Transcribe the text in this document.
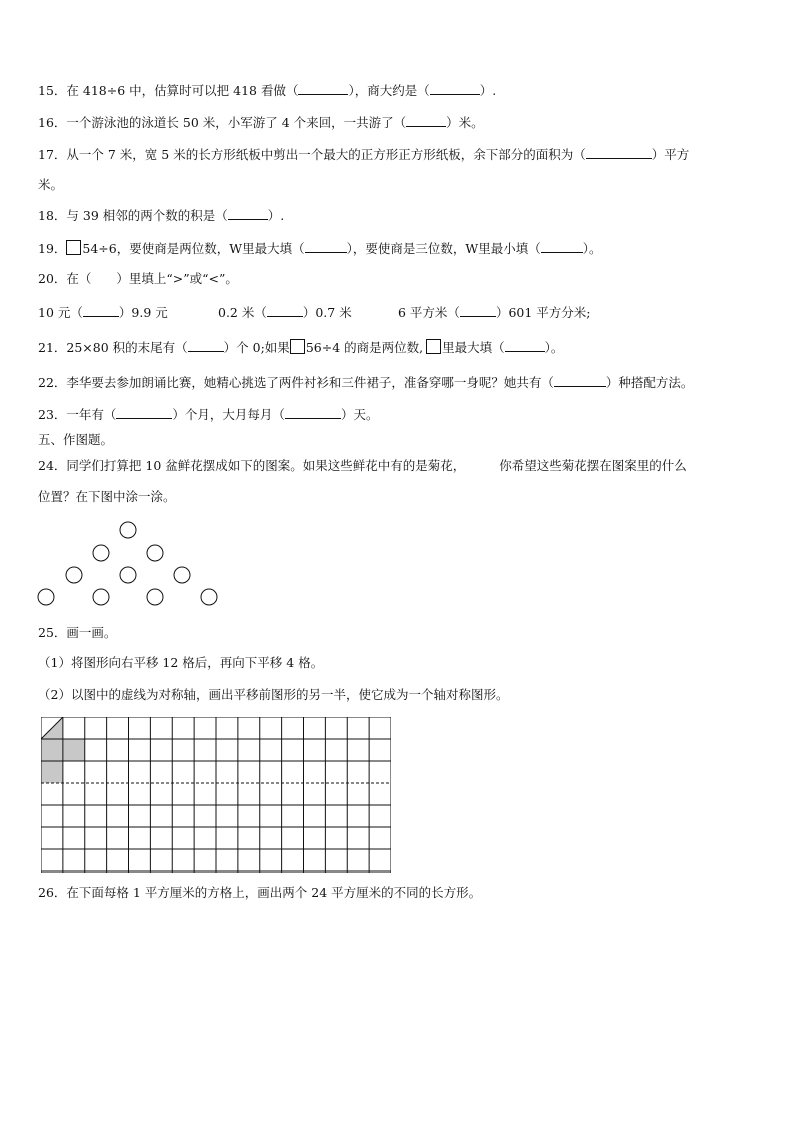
15．在 418÷6 中，估算时可以把 418 看做（	），商大约是（	）.
16．一个游泳池的泳道长 50 米，小军游了 4 个来回，一共游了（	）米。
17．从一个 7 米，宽 5 米的长方形纸板中剪出一个最大的正方形正方形纸板，余下部分的面积为（	）平方
米。
18．与 39 相邻的两个数的积是（	）.
19． 54÷6，要使商是两位数，W里最大填（	），要使商是三位数，W里最小填（	）。
20．在（　　）里填上“>”或“<”。
10 元（	）9.9 元	0.2 米（	）0.7 米	6 平方米（	）601 平方分米;
21．25×80 积的末尾有（	）个 0;如果 56÷4 的商是两位数, 里最大填（	）。
22．李华要去参加朗诵比赛，她精心挑选了两件衬衫和三件裙子，准备穿哪一身呢？她共有（	）种搭配方法。
23．一年有（	）个月，大月每月（	）天。
五、作图题。
24．同学们打算把 10 盆鲜花摆成如下的图案。如果这些鲜花中有的是菊花，	你希望这些菊花摆在图案里的什么
位置？在下图中涂一涂。
25．画一画。
（1）将图形向右平移 12 格后，再向下平移 4 格。
（2）以图中的虚线为对称轴，画出平移前图形的另一半，使它成为一个轴对称图形。
26．在下面每格 1 平方厘米的方格上，画出两个 24 平方厘米的不同的长方形。
